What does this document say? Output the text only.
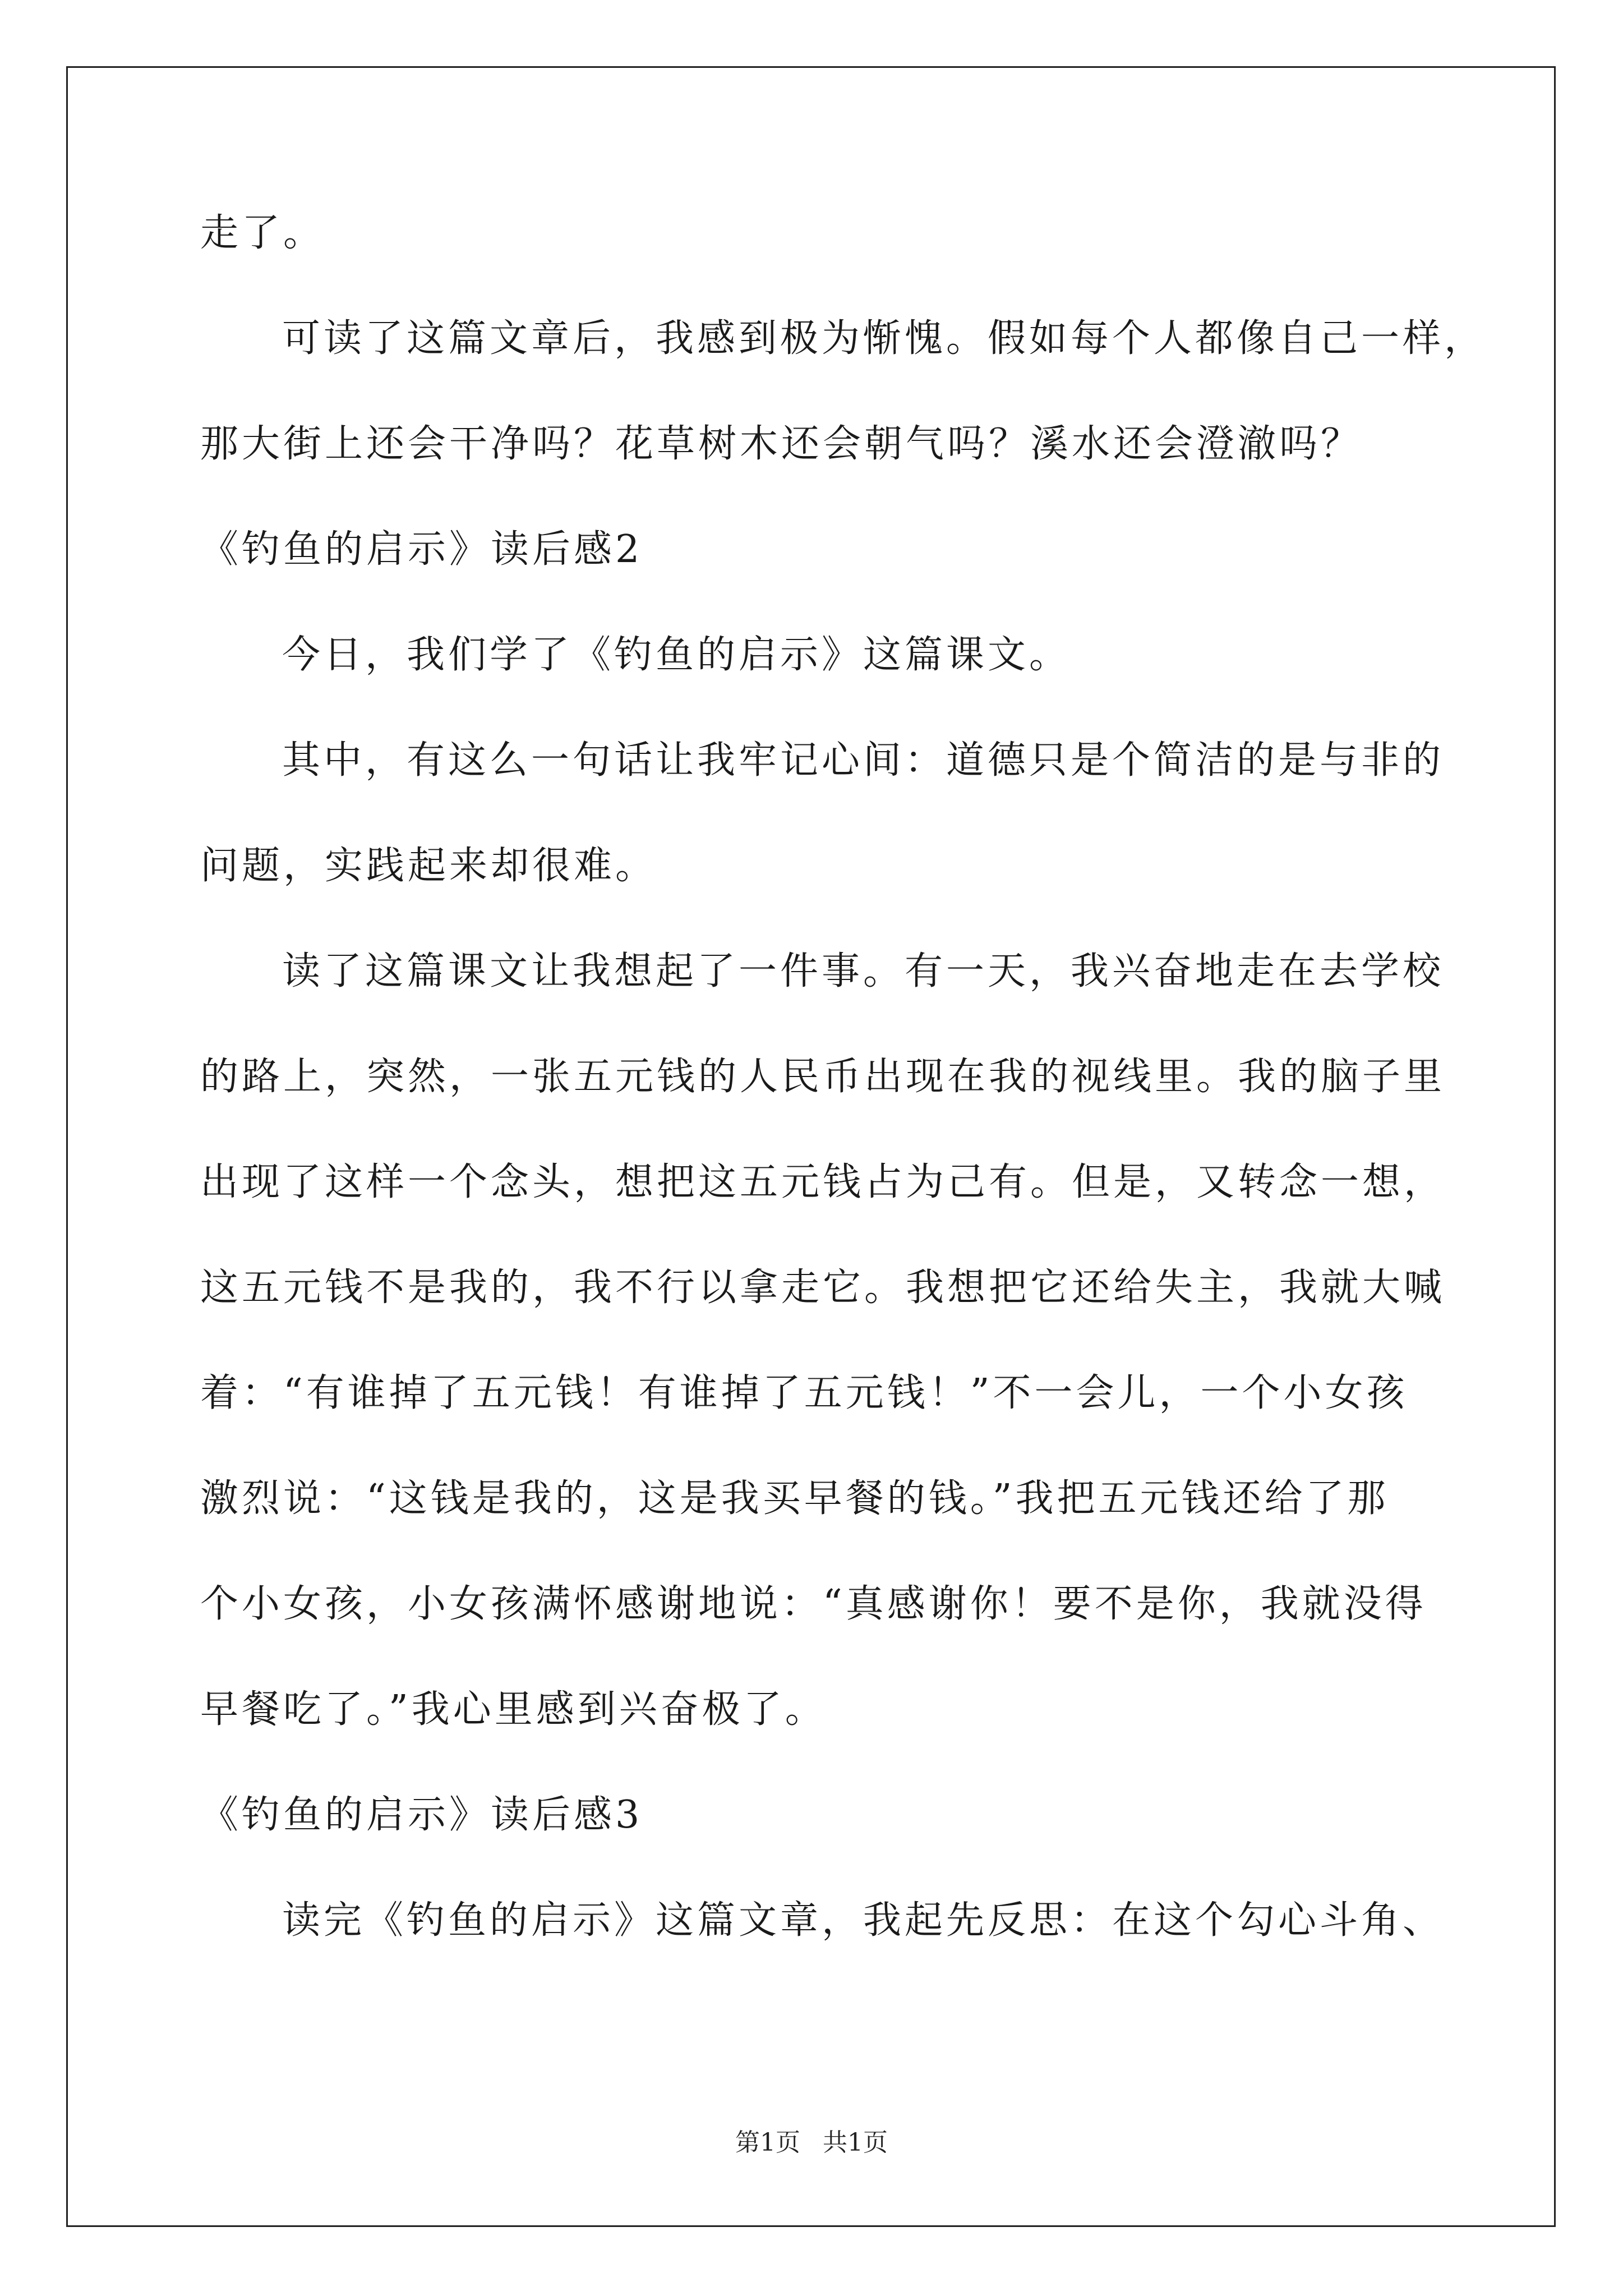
走了。
可读了这篇文章后，我感到极为惭愧。假如每个人都像自己一样，
那大街上还会干净吗？花草树木还会朝气吗？溪水还会澄澈吗？
《钓鱼的启示》读后感2
今日，我们学了《钓鱼的启示》这篇课文。
其中，有这么一句话让我牢记心间：道德只是个简洁的是与非的
问题，实践起来却很难。
读了这篇课文让我想起了一件事。有一天，我兴奋地走在去学校
的路上，突然，一张五元钱的人民币出现在我的视线里。我的脑子里
出现了这样一个念头，想把这五元钱占为己有。但是，又转念一想，
这五元钱不是我的，我不行以拿走它。我想把它还给失主，我就大喊
着：“有谁掉了五元钱！有谁掉了五元钱！”不一会儿，一个小女孩
激烈说：“这钱是我的，这是我买早餐的钱。”我把五元钱还给了那
个小女孩，小女孩满怀感谢地说：“真感谢你！要不是你，我就没得
早餐吃了。”我心里感到兴奋极了。
《钓鱼的启示》读后感3
读完《钓鱼的启示》这篇文章，我起先反思：在这个勾心斗角、
第1页 共1页
